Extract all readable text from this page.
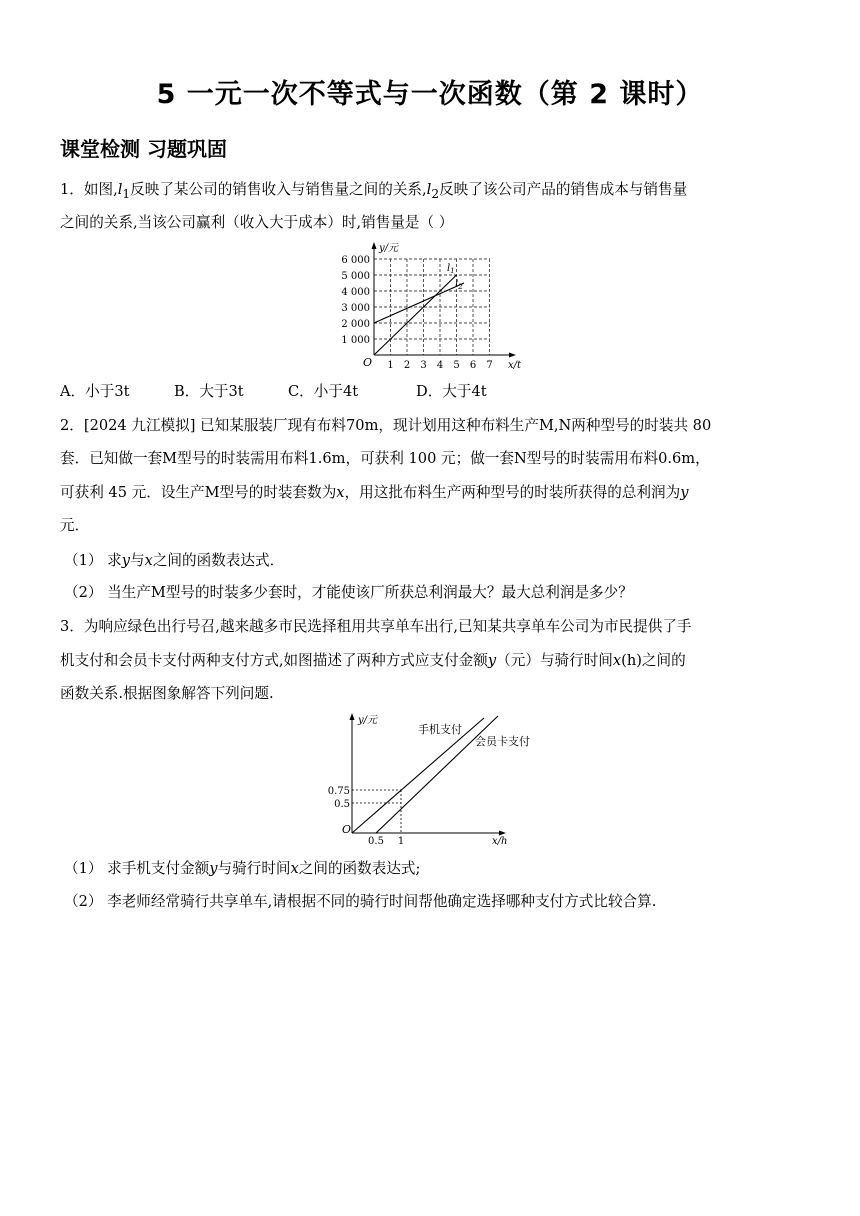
5 一元一次不等式与一次函数（第 2 课时）
课堂检测 习题巩固
1．如图$,l_1$反映了某公司的销售收入与销售量之间的关系$,l_2$反映了该公司产品的销售成本与销售量
之间的关系,当该公司赢利（收入大于成本）时,销售量是（ ）
y/元
x/t
O
1 000
2 000
3 000
4 000
5 000
6 000
1 2 3 4 5 6 7
$l_1$
$l_2$
A．小于3t	B．大于3t	C．小于4t	D．大于4t
2．[2024 九江模拟] 已知某服装厂现有布料70m，现计划用这种布料生产M,N两种型号的时装共 80
套．已知做一套M型号的时装需用布料1.6m，可获利 100 元；做一套N型号的时装需用布料0.6m，
可获利 45 元．设生产M型号的时装套数为x，用这批布料生产两种型号的时装所获得的总利润为y
元．
（1） 求y与x之间的函数表达式．
（2） 当生产M型号的时装多少套时，才能使该厂所获总利润最大？最大总利润是多少？
3．为响应绿色出行号召,越来越多市民选择租用共享单车出行,已知某共享单车公司为市民提供了手
机支付和会员卡支付两种支付方式,如图描述了两种方式应支付金额y（元）与骑行时间x(h)之间的
函数关系.根据图象解答下列问题.
y/元
x/h
O
0.5
0.75
0.5 1
手机支付
会员卡支付
（1） 求手机支付金额y与骑行时间x之间的函数表达式;
（2） 李老师经常骑行共享单车,请根据不同的骑行时间帮他确定选择哪种支付方式比较合算.
